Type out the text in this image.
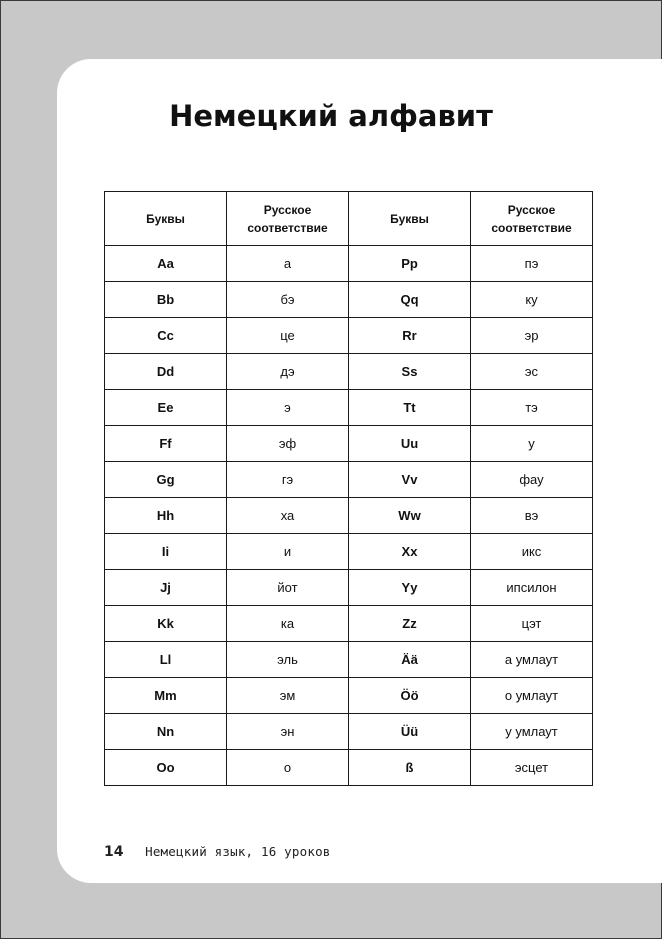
Немецкий алфавит
Буквы	Русское соответствие	Буквы	Русское соответствие
Aa	а	Pp	пэ
Bb	бэ	Qq	ку
Cc	це	Rr	эр
Dd	дэ	Ss	эс
Ee	э	Tt	тэ
Ff	эф	Uu	у
Gg	гэ	Vv	фау
Hh	ха	Ww	вэ
Ii	и	Xx	икс
Jj	йот	Yy	ипсилон
Kk	ка	Zz	цэт
Ll	эль	Ää	а умлаут
Mm	эм	Öö	о умлаут
Nn	эн	Üü	у умлаут
Oo	о	ß	эсцет
14 Немецкий язык, 16 уроков
